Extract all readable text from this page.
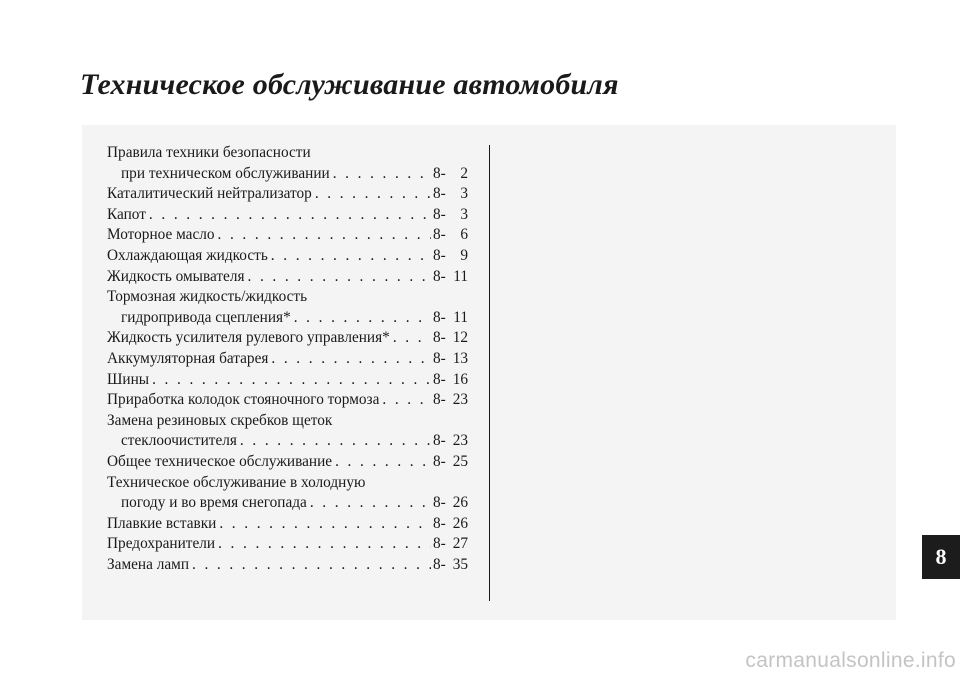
Техническое обслуживание автомобиля
Правила техники безопасности
при техническом обслуживании . . .	8- 2
Каталитический нейтрализатор . . .	8- 3
Капот . . .	8- 3
Моторное масло . . .	8- 6
Охлаждающая жидкость . . .	8- 9
Жидкость омывателя . . .	8- 11
Тормозная жидкость/жидкость
гидропривода сцепления* . . .	8- 11
Жидкость усилителя рулевого управления* . . .	8- 12
Аккумуляторная батарея . . .	8- 13
Шины . . .	8- 16
Приработка колодок стояночного тормоза . . .	8- 23
Замена резиновых скребков щеток
стеклоочистителя . . .	8- 23
Общее техническое обслуживание . . .	8- 25
Техническое обслуживание в холодную
погоду и во время снегопада . . .	8- 26
Плавкие вставки . . .	8- 26
Предохранители . . .	8- 27
Замена ламп . . .	8- 35	8
carmanualsonline.info
